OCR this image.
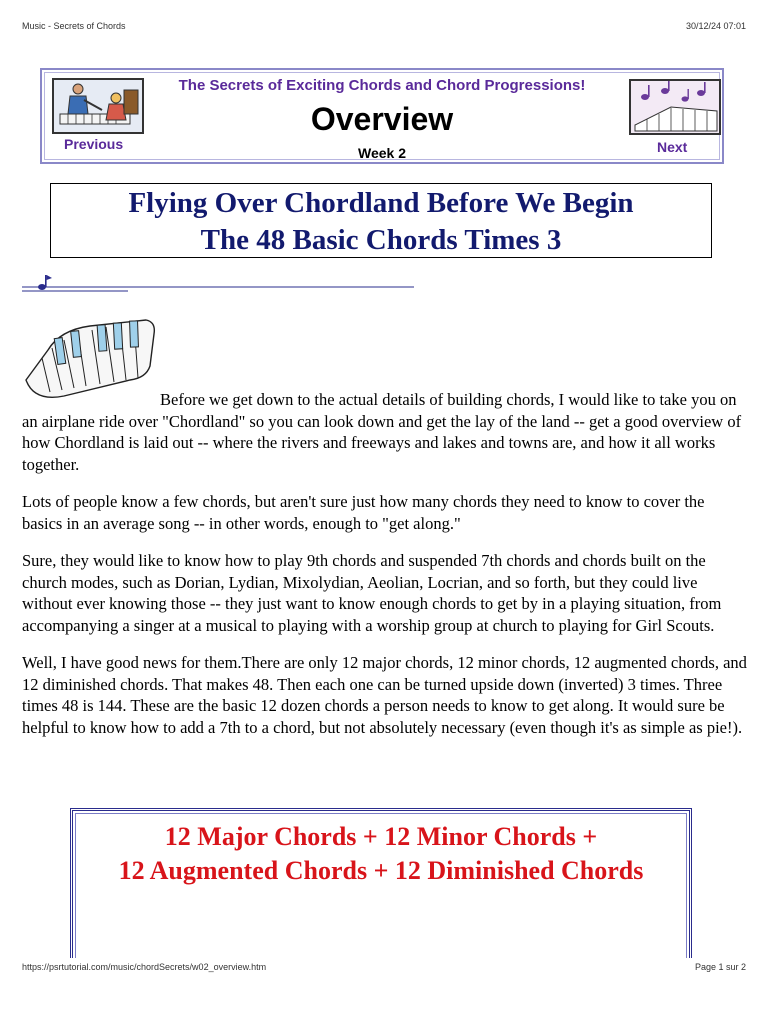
Music - Secrets of Chords	30/12/24 07:01
Previous
The Secrets of Exciting Chords and Chord Progressions!
Overview
Week 2	Next
Flying Over Chordland Before We Begin
The 48 Basic Chords Times 3

Before we get down to the actual details of building chords, I would like to take you on an airplane ride over "Chordland" so you can look down and get the lay of the land -- get a good overview of how Chordland is laid out -- where the rivers and freeways and lakes and towns are, and how it all works together.

Lots of people know a few chords, but aren't sure just how many chords they need to know to cover the basics in an average song -- in other words, enough to "get along."

Sure, they would like to know how to play 9th chords and suspended 7th chords and chords built on the church modes, such as Dorian, Lydian, Mixolydian, Aeolian, Locrian, and so forth, but they could live without ever knowing those -- they just want to know enough chords to get by in a playing situation, from accompanying a singer at a musical to playing with a worship group at church to playing for Girl Scouts.

Well, I have good news for them.There are only 12 major chords, 12 minor chords, 12 augmented chords, and 12 diminished chords. That makes 48. Then each one can be turned upside down (inverted) 3 times. Three times 48 is 144. These are the basic 12 dozen chords a person needs to know to get along. It would sure be helpful to know how to add a 7th to a chord, but not absolutely necessary (even though it's as simple as pie!).

12 Major Chords + 12 Minor Chords +
12 Augmented Chords + 12 Diminished Chords
https://psrtutorial.com/music/chordSecrets/w02_overview.htm	Page 1 sur 2
